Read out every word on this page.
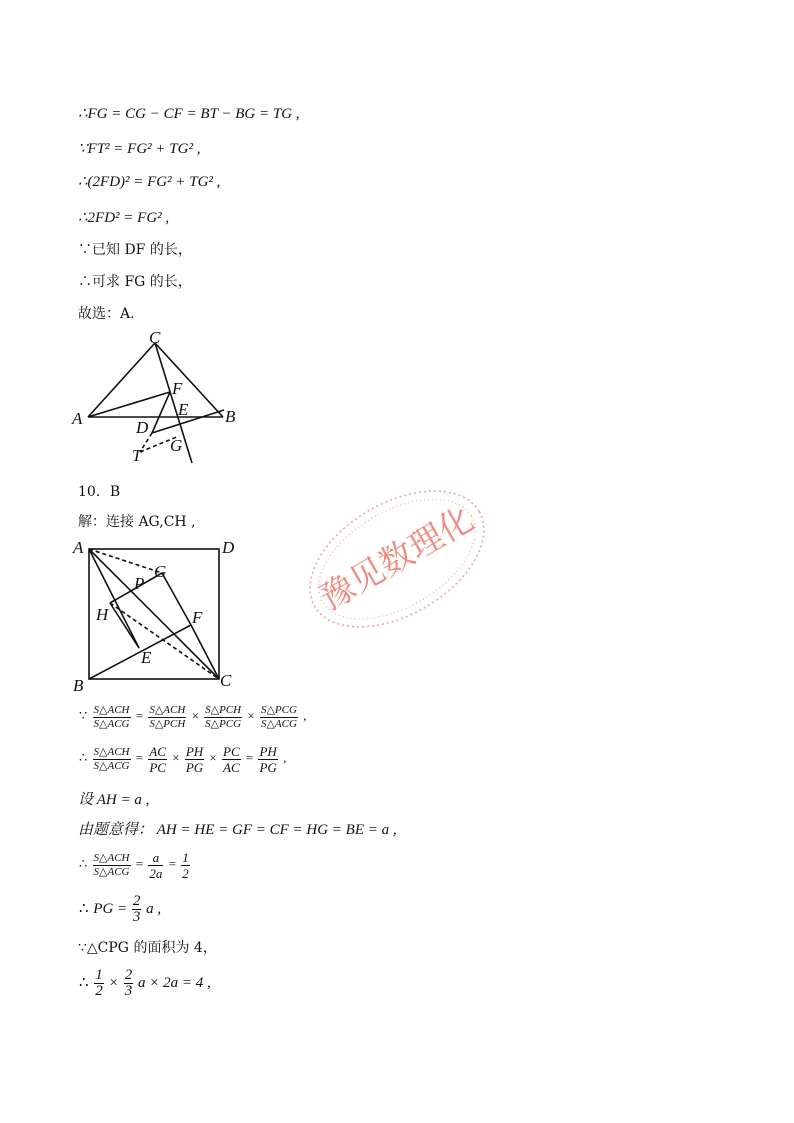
∴FG = CG − CF = BT − BG = TG ,
∵FT² = FG² + TG² ,
∴(2FD)² = FG² + TG² ,
∴2FD² = FG² ,
∵已知 DF 的长，
∴可求 FG 的长，
故选：A.
C
A	B
F
E
D
G
T
10．B
解：连接 AG,CH ,
A	D
B	C
P
G
H	F
E
∵ $\frac{\text{S△ACH}}{\text{S△ACG}} = \frac{\text{S△ACH}}{\text{S△PCH}} \times \frac{\text{S△PCH}}{\text{S△PCG}} \times \frac{\text{S△PCG}}{\text{S△ACG}}$ ,
∴ $\frac{\text{S△ACH}}{\text{S△ACG}} = \frac{AC}{PC} \times \frac{PH}{PG} \times \frac{PC}{AC} = \frac{PH}{PG}$ ,
设 AH = a ,
由题意得： AH = HE = GF = CF = HG = BE = a ,
∴ $\frac{\text{S△ACH}}{\text{S△ACG}} = \frac{a}{2a} = \frac{1}{2}$
∴ PG = $\frac{2}{3}$ a ,
∵△CPG 的面积为 4，
∴ $\frac{1}{2} \times \frac{2}{3}$ a × 2a = 4 ,
豫见数理化
